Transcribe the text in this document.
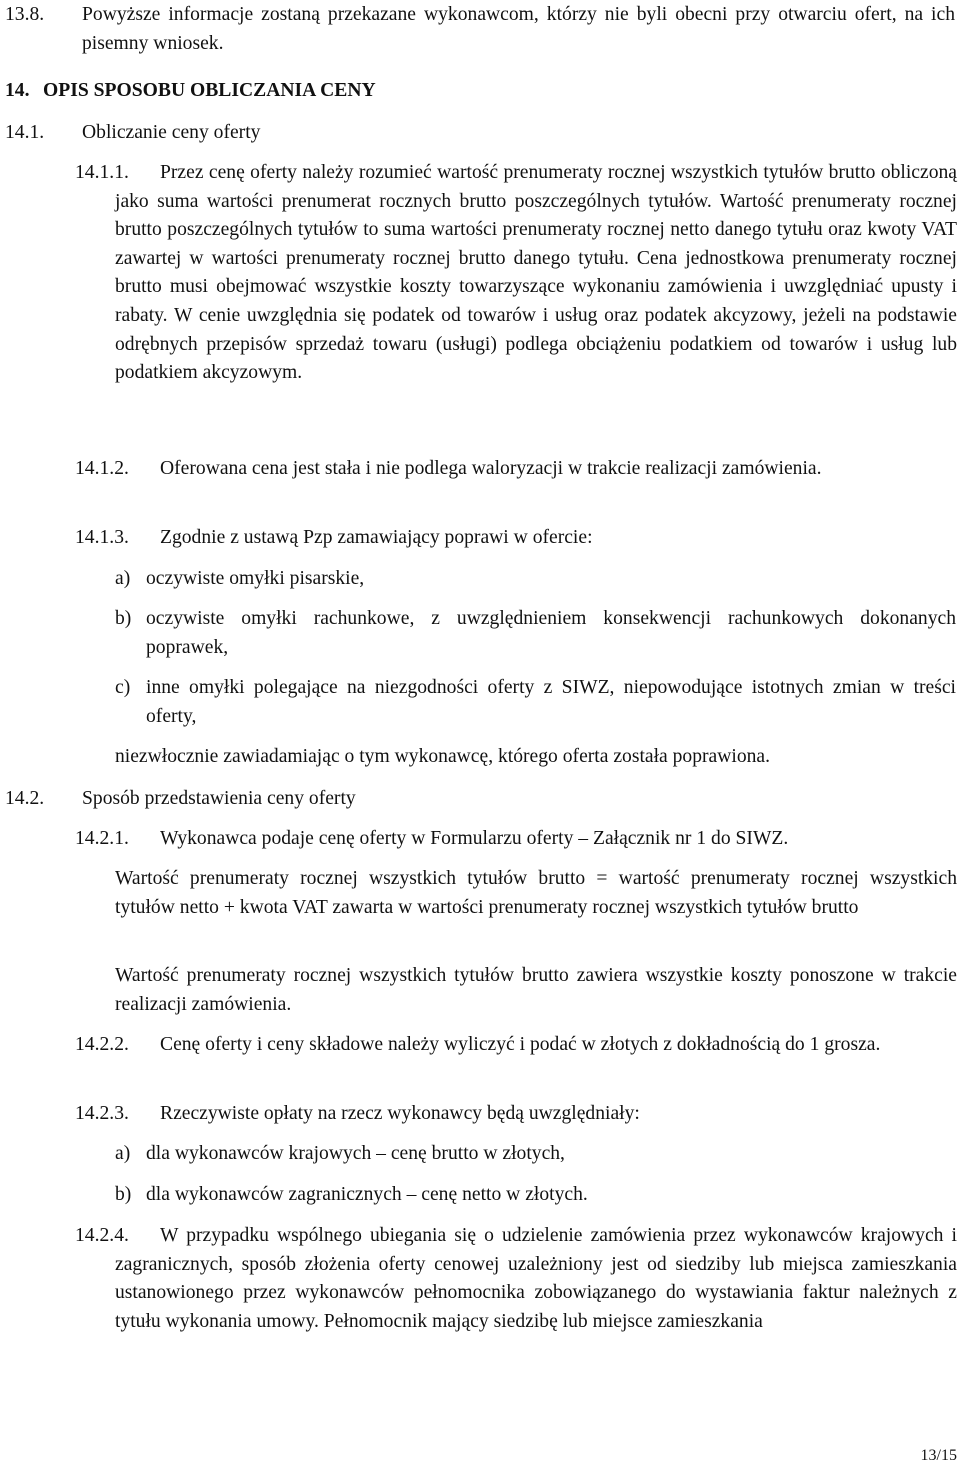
13.8. Powyższe informacje zostaną przekazane wykonawcom, którzy nie byli obecni przy otwarciu ofert, na ich pisemny wniosek.

14. OPIS SPOSOBU OBLICZANIA CENY
14.1. Obliczanie ceny oferty
14.1.1.	Przez cenę oferty należy rozumieć wartość prenumeraty rocznej wszystkich tytułów brutto obliczoną jako suma wartości prenumerat rocznych brutto poszczególnych tytułów. Wartość prenumeraty rocznej brutto poszczególnych tytułów to suma wartości prenumeraty rocznej netto danego tytułu oraz kwoty VAT zawartej w wartości prenumeraty rocznej brutto danego tytułu. Cena jednostkowa prenumeraty rocznej brutto musi obejmować wszystkie koszty towarzyszące wykonaniu zamówienia i uwzględniać upusty i rabaty. W cenie uwzględnia się podatek od towarów i usług oraz podatek akcyzowy, jeżeli na podstawie odrębnych przepisów sprzedaż towaru (usługi) podlega obciążeniu podatkiem od towarów i usług lub podatkiem akcyzowym.

14.1.2.	Oferowana cena jest stała i nie podlega waloryzacji w trakcie realizacji zamówienia.

14.1.3. Zgodnie z ustawą Pzp zamawiający poprawi w ofercie:
a) oczywiste omyłki pisarskie,

b) oczywiste omyłki rachunkowe, z uwzględnieniem konsekwencji rachunkowych dokonanych poprawek,

c) inne omyłki polegające na niezgodności oferty z SIWZ, niepowodujące istotnych zmian w treści oferty,

niezwłocznie zawiadamiając o tym wykonawcę, którego oferta została poprawiona.
14.2. Sposób przedstawienia ceny oferty
14.2.1. Wykonawca podaje cenę oferty w Formularzu oferty – Załącznik nr 1 do SIWZ.

Wartość prenumeraty rocznej wszystkich tytułów brutto = wartość prenumeraty rocznej wszystkich tytułów netto + kwota VAT zawarta w wartości prenumeraty rocznej wszystkich tytułów brutto

Wartość prenumeraty rocznej wszystkich tytułów brutto zawiera wszystkie koszty ponoszone w trakcie realizacji zamówienia.

14.2.2.	Cenę oferty i ceny składowe należy wyliczyć i podać w złotych z dokładnością do 1 grosza.

14.2.3. Rzeczywiste opłaty na rzecz wykonawcy będą uwzględniały:
a) dla wykonawców krajowych – cenę brutto w złotych,
b) dla wykonawców zagranicznych – cenę netto w złotych.
14.2.4.	W przypadku wspólnego ubiegania się o udzielenie zamówienia przez wykonawców krajowych i zagranicznych, sposób złożenia oferty cenowej uzależniony jest od siedziby lub miejsca zamieszkania ustanowionego przez wykonawców pełnomocnika zobowiązanego do wystawiania faktur należnych z tytułu wykonania umowy. Pełnomocnik mający siedzibę lub miejsce zamieszkania

13/15
